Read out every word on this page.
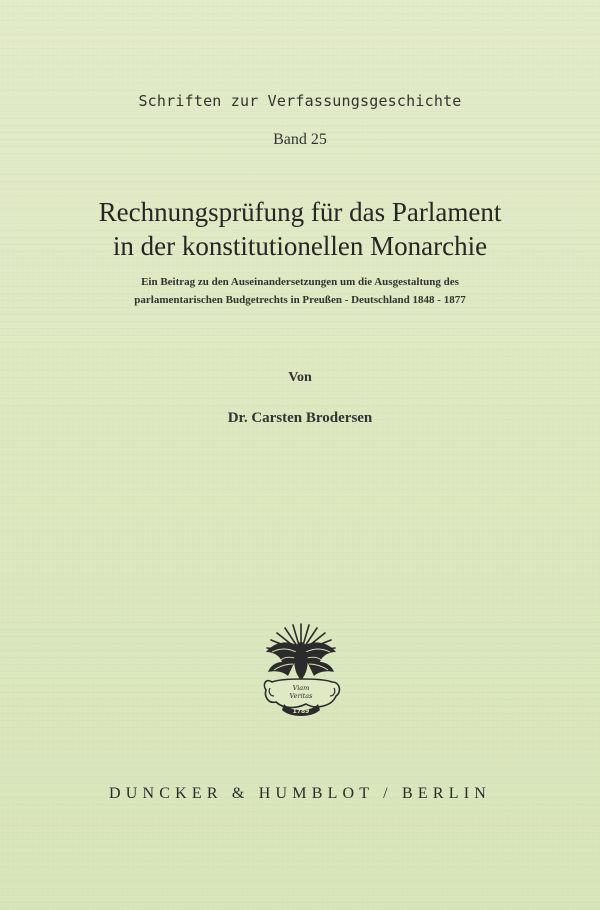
Schriften zur Verfassungsgeschichte
Band 25
Rechnungsprüfung für das Parlament
in der konstitutionellen Monarchie
Ein Beitrag zu den Auseinandersetzungen um die Ausgestaltung des
parlamentarischen Budgetrechts in Preußen - Deutschland 1848 - 1877
Von
Dr. Carsten Brodersen
Viam
Veritas
1789
DUNCKER & HUMBLOT / BERLIN
